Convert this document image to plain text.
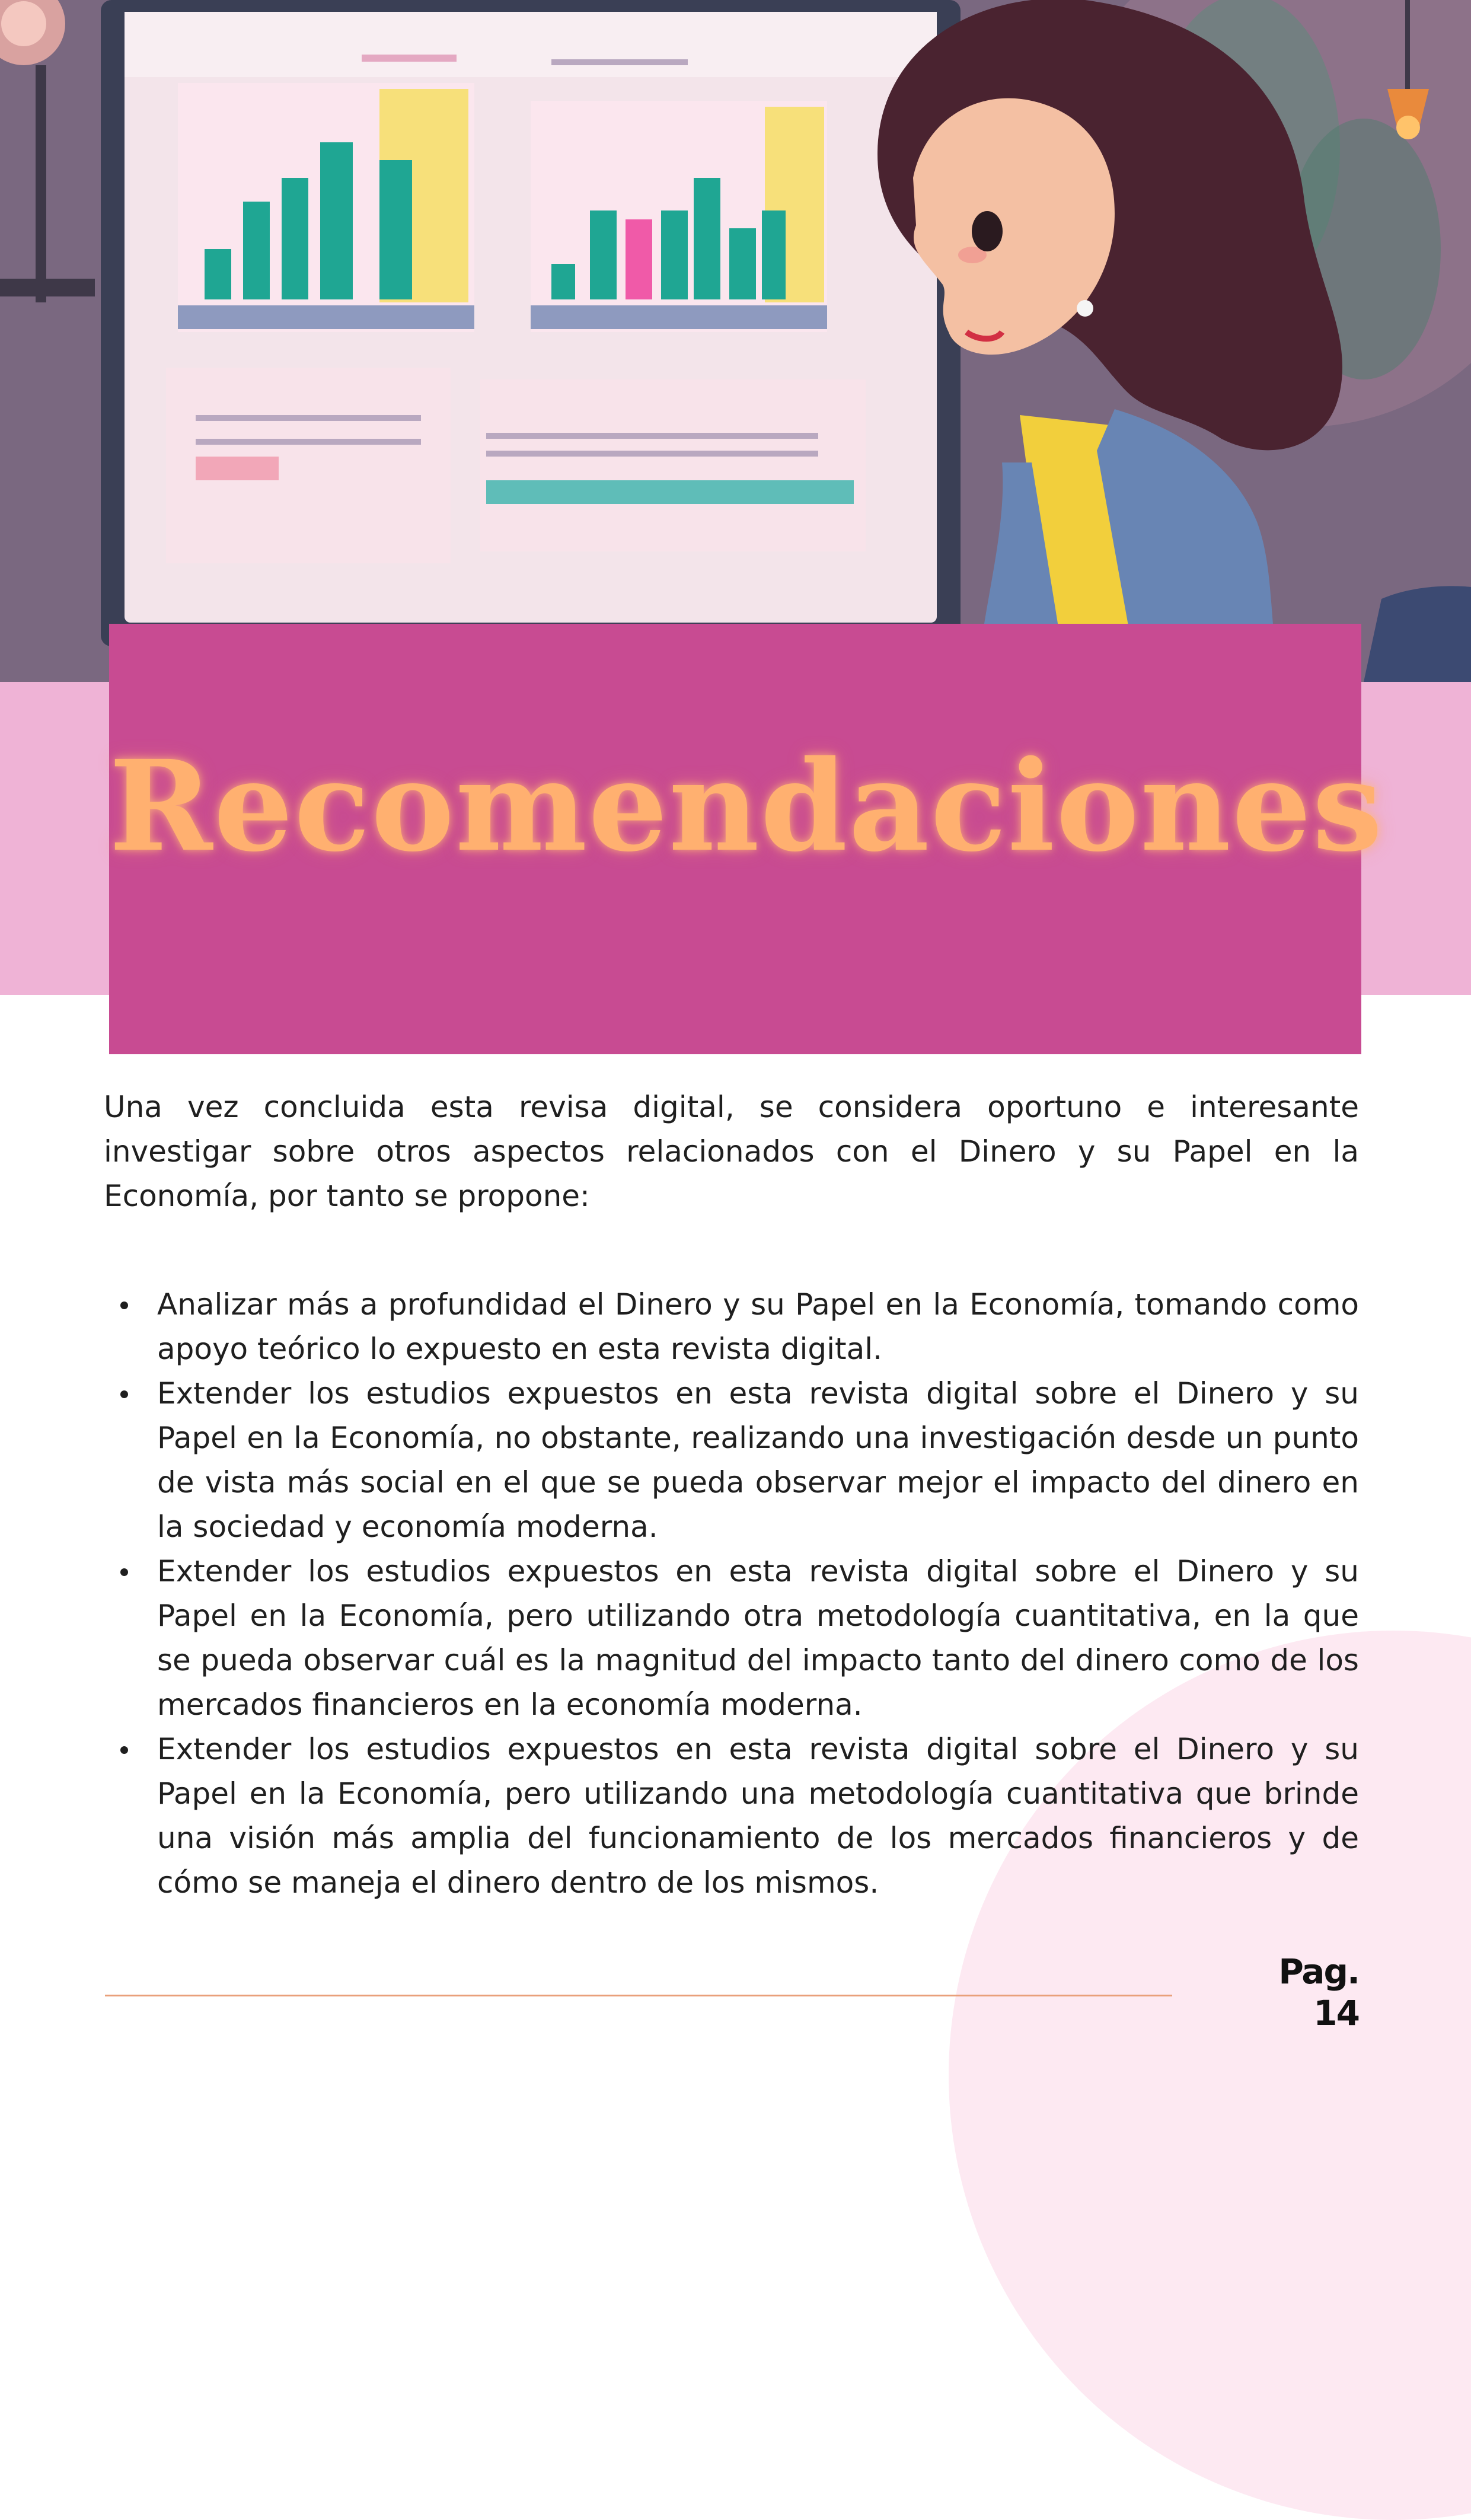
Recomendaciones

Una vez concluida esta revisa digital, se considera oportuno e interesante investigar sobre otros aspectos relacionados con el Dinero y su Papel en la Economía, por tanto se propone:

Analizar más a profundidad el Dinero y su Papel en la Economía, tomando como apoyo teórico lo expuesto en esta revista digital.
Extender los estudios expuestos en esta revista digital sobre el Dinero y su Papel en la Economía, no obstante, realizando una investigación desde un punto de vista más social en el que se pueda observar mejor el impacto del dinero en la sociedad y economía moderna.
Extender los estudios expuestos en esta revista digital sobre el Dinero y su Papel en la Economía, pero utilizando otra metodología cuantitativa, en la que se pueda observar cuál es la magnitud del impacto tanto del dinero como de los mercados financieros en la economía moderna.
Extender los estudios expuestos en esta revista digital sobre el Dinero y su Papel en la Economía, pero utilizando una metodología cuantitativa que brinde una visión más amplia del funcionamiento de los mercados financieros y de cómo se maneja el dinero dentro de los mismos.
Pag. 14
